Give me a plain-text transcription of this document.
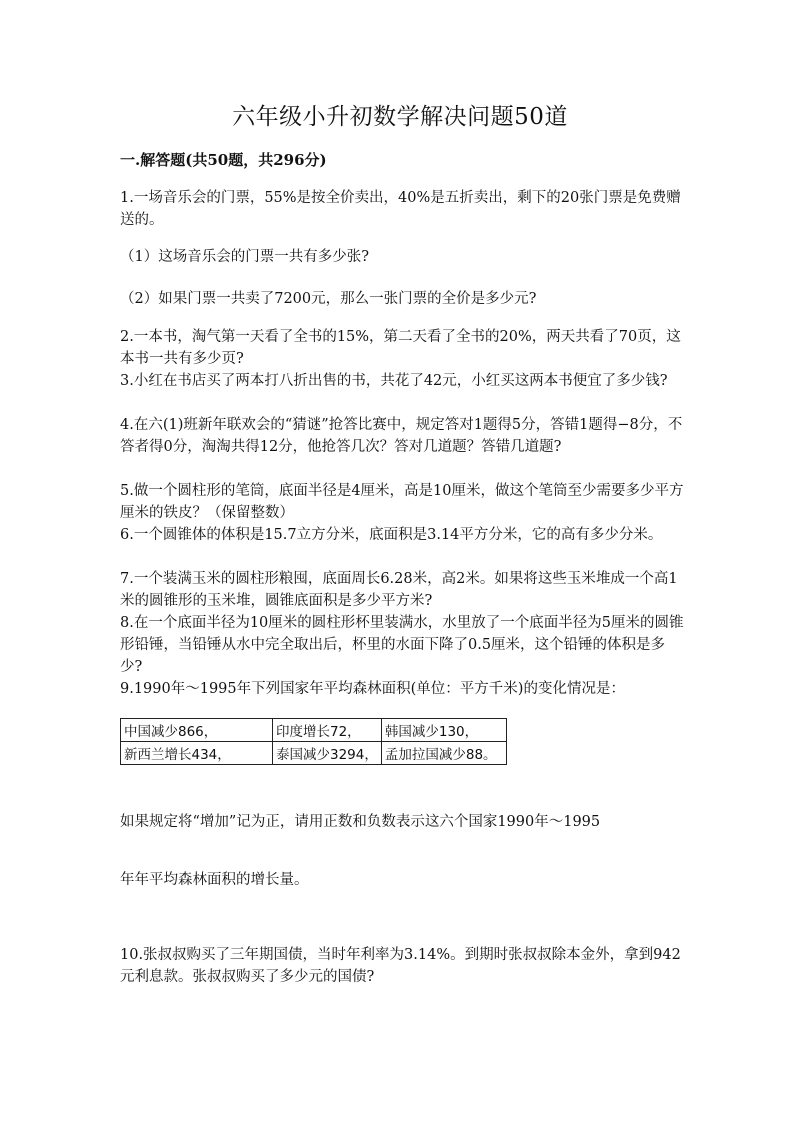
六年级小升初数学解决问题50道
一.解答题(共50题，共296分)
1.一场音乐会的门票，55%是按全价卖出，40%是五折卖出，剩下的20张门票是免费赠送的。
（1）这场音乐会的门票一共有多少张?
（2）如果门票一共卖了7200元，那么一张门票的全价是多少元?
2.一本书，淘气第一天看了全书的15%，第二天看了全书的20%，两天共看了70页，这本书一共有多少页?
3.小红在书店买了两本打八折出售的书，共花了42元，小红买这两本书便宜了多少钱?
4.在六(1)班新年联欢会的“猜谜”抢答比赛中，规定答对1题得5分，答错1题得−8分，不答者得0分，淘淘共得12分，他抢答几次？答对几道题？答错几道题?
5.做一个圆柱形的笔筒，底面半径是4厘米，高是10厘米，做这个笔筒至少需要多少平方厘米的铁皮？（保留整数）
6.一个圆锥体的体积是15.7立方分米，底面积是3.14平方分米，它的高有多少分米。
7.一个装满玉米的圆柱形粮囤，底面周长6.28米，高2米。如果将这些玉米堆成一个高1米的圆锥形的玉米堆，圆锥底面积是多少平方米?
8.在一个底面半径为10厘米的圆柱形杯里装满水，水里放了一个底面半径为5厘米的圆锥形铅锤，当铅锤从水中完全取出后，杯里的水面下降了0.5厘米，这个铅锤的体积是多少?
9.1990年～1995年下列国家年平均森林面积(单位：平方千米)的变化情况是：
中国减少866，	印度增长72，	韩国减少130，
新西兰增长434，	泰国减少3294，	孟加拉国减少88。
如果规定将“增加”记为正，请用正数和负数表示这六个国家1990年～1995
年年平均森林面积的增长量。
10.张叔叔购买了三年期国债，当时年利率为3.14%。到期时张叔叔除本金外，拿到942元利息款。张叔叔购买了多少元的国债?
